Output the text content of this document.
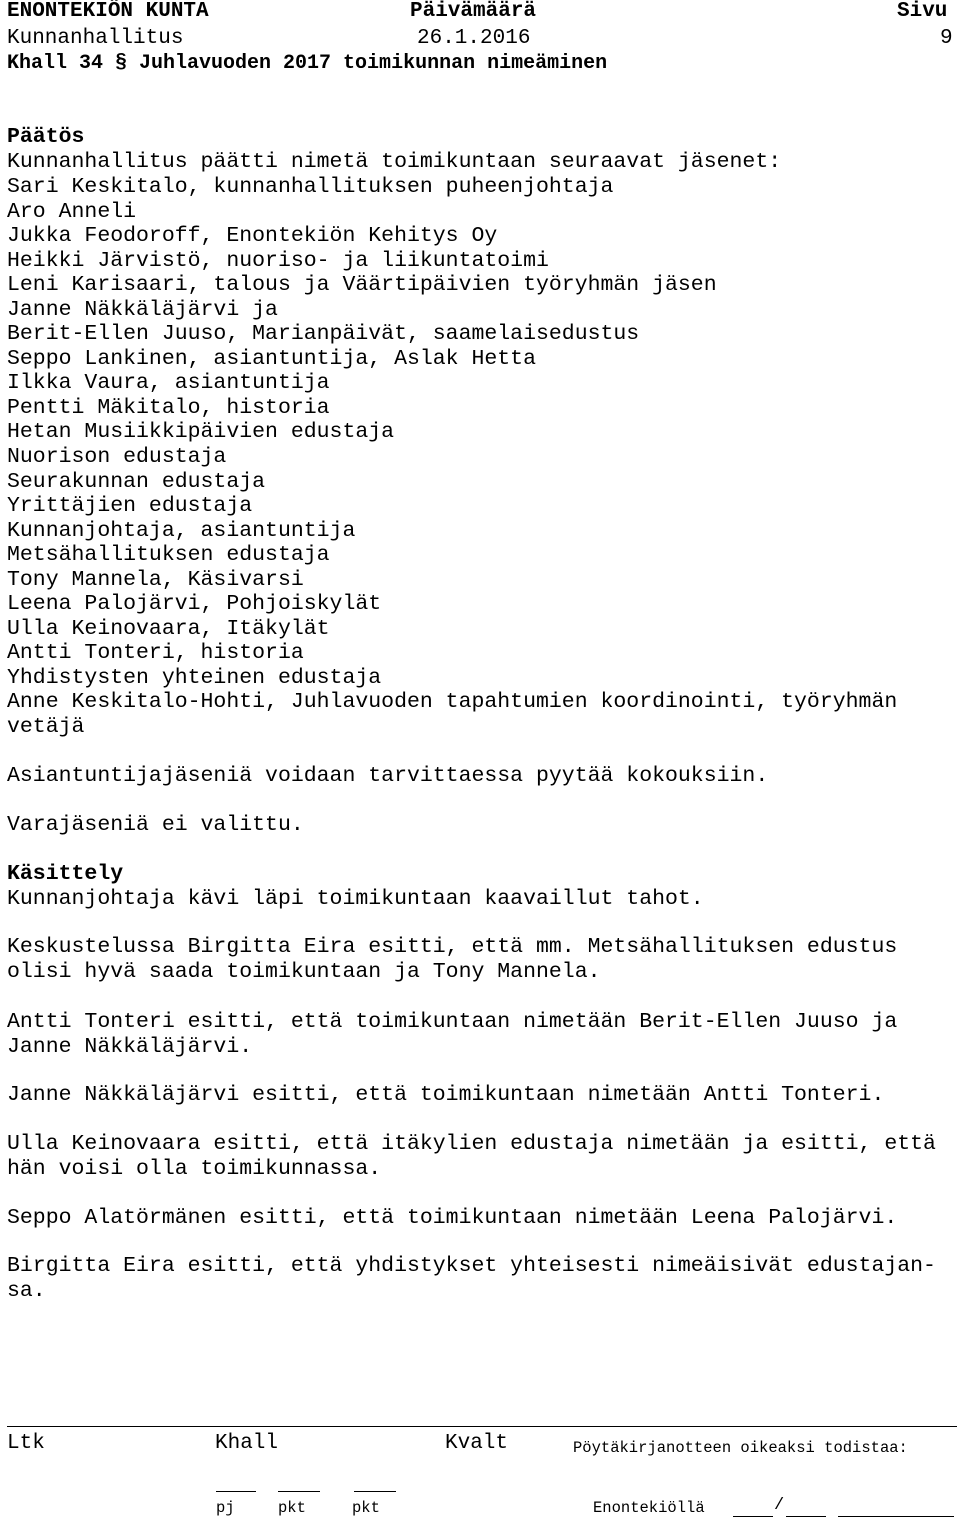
ENONTEKIÖN KUNTA	Päivämäärä	Sivu
Kunnanhallitus	26.1.2016	9
Khall 34 § Juhlavuoden 2017 toimikunnan nimeäminen
Päätös
Kunnanhallitus päätti nimetä toimikuntaan seuraavat jäsenet:
Sari Keskitalo, kunnanhallituksen puheenjohtaja
Aro Anneli
Jukka Feodoroff, Enontekiön Kehitys Oy
Heikki Järvistö, nuoriso- ja liikuntatoimi
Leni Karisaari, talous ja Väärtipäivien työryhmän jäsen
Janne Näkkäläjärvi ja
Berit-Ellen Juuso, Marianpäivät, saamelaisedustus
Seppo Lankinen, asiantuntija, Aslak Hetta
Ilkka Vaura, asiantuntija
Pentti Mäkitalo, historia
Hetan Musiikkipäivien edustaja
Nuorison edustaja
Seurakunnan edustaja
Yrittäjien edustaja
Kunnanjohtaja, asiantuntija
Metsähallituksen edustaja
Tony Mannela, Käsivarsi
Leena Palojärvi, Pohjoiskylät
Ulla Keinovaara, Itäkylät
Antti Tonteri, historia
Yhdistysten yhteinen edustaja
Anne Keskitalo-Hohti, Juhlavuoden tapahtumien koordinointi, työryhmän
vetäjä
Asiantuntijajäseniä voidaan tarvittaessa pyytää kokouksiin.
Varajäseniä ei valittu.
Käsittely
Kunnanjohtaja kävi läpi toimikuntaan kaavaillut tahot.
Keskustelussa Birgitta Eira esitti, että mm. Metsähallituksen edustus
olisi hyvä saada toimikuntaan ja Tony Mannela.
Antti Tonteri esitti, että toimikuntaan nimetään Berit-Ellen Juuso ja
Janne Näkkäläjärvi.
Janne Näkkäläjärvi esitti, että toimikuntaan nimetään Antti Tonteri.
Ulla Keinovaara esitti, että itäkylien edustaja nimetään ja esitti, että
hän voisi olla toimikunnassa.
Seppo Alatörmänen esitti, että toimikuntaan nimetään Leena Palojärvi.
Birgitta Eira esitti, että yhdistykset yhteisesti nimeäisivät edustajan-
sa.
Ltk	Khall	Kvalt	Pöytäkirjanotteen oikeaksi todistaa:
pj	pkt	pkt	Enontekiöllä	/
